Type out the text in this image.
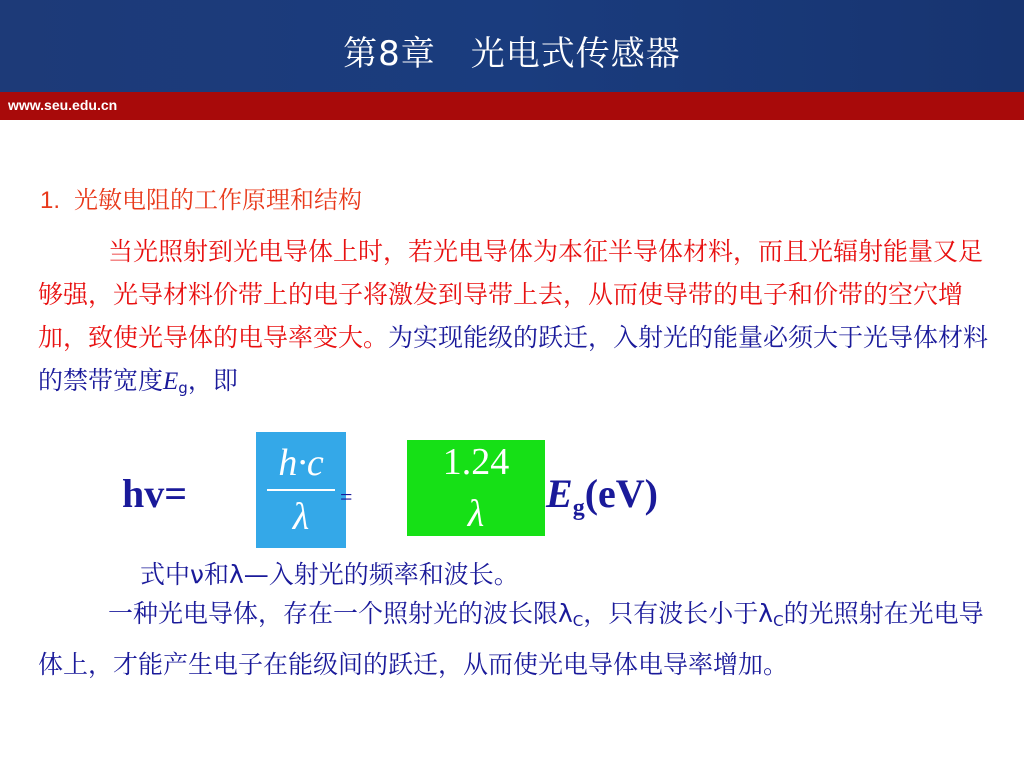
第8章　光电式传感器
www.seu.edu.cn
1. 光敏电阻的工作原理和结构
当光照射到光电导体上时，若光电导体为本征半导体材料，而且光辐射能量又足够强，光导材料价带上的电子将激发到导带上去，从而使导带的电子和价带的空穴增加，致使光导体的电导率变大。为实现能级的跃迁，入射光的能量必须大于光导体材料的禁带宽度$E_g$，即
hv=
h·c
λ =
1.24
λ $E_g(eV)$
式中ν和λ—入射光的频率和波长。
一种光电导体，存在一个照射光的波长限$\lambda_C$，只有波长小于$\lambda_C$的光照射在光电导体上，才能产生电子在能级间的跃迁，从而使光电导体电导率增加。
